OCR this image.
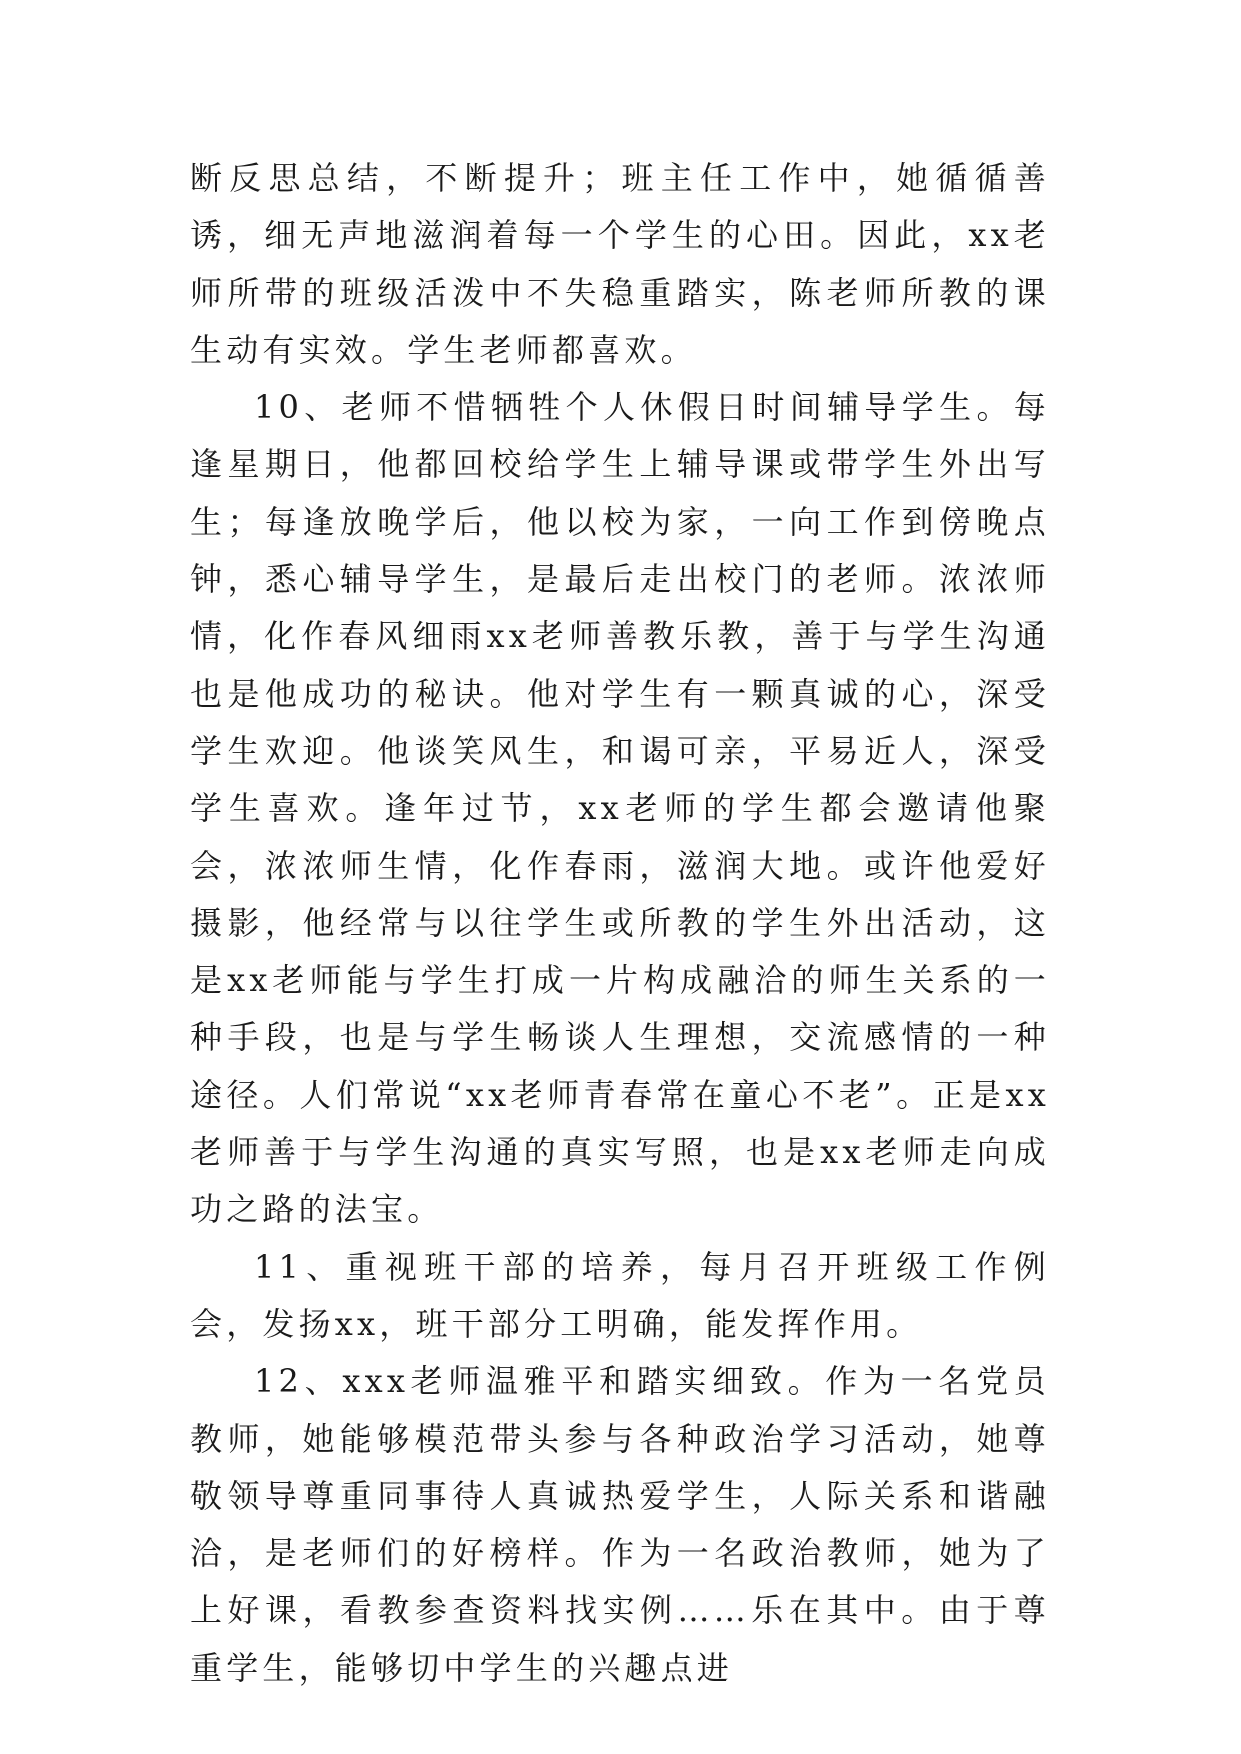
断反思总结，不断提升；班主任工作中，她循循善诱，细无声地滋润着每一个学生的心田。因此，xx老师所带的班级活泼中不失稳重踏实，陈老师所教的课生动有实效。学生老师都喜欢。

10、老师不惜牺牲个人休假日时间辅导学生。每逢星期日，他都回校给学生上辅导课或带学生外出写生；每逢放晚学后，他以校为家，一向工作到傍晚点钟，悉心辅导学生，是最后走出校门的老师。浓浓师情，化作春风细雨xx老师善教乐教，善于与学生沟通也是他成功的秘诀。他对学生有一颗真诚的心，深受学生欢迎。他谈笑风生，和谒可亲，平易近人，深受学生喜欢。逢年过节，xx老师的学生都会邀请他聚会，浓浓师生情，化作春雨，滋润大地。或许他爱好摄影，他经常与以往学生或所教的学生外出活动，这是xx老师能与学生打成一片构成融洽的师生关系的一种手段，也是与学生畅谈人生理想，交流感情的一种途径。人们常说“xx老师青春常在童心不老”。正是xx老师善于与学生沟通的真实写照，也是xx老师走向成功之路的法宝。

11、重视班干部的培养，每月召开班级工作例会，发扬xx，班干部分工明确，能发挥作用。

12、xxx老师温雅平和踏实细致。作为一名党员教师，她能够模范带头参与各种政治学习活动，她尊敬领导尊重同事待人真诚热爱学生，人际关系和谐融洽，是老师们的好榜样。作为一名政治教师，她为了上好课，看教参查资料找实例……乐在其中。由于尊重学生，能够切中学生的兴趣点进
